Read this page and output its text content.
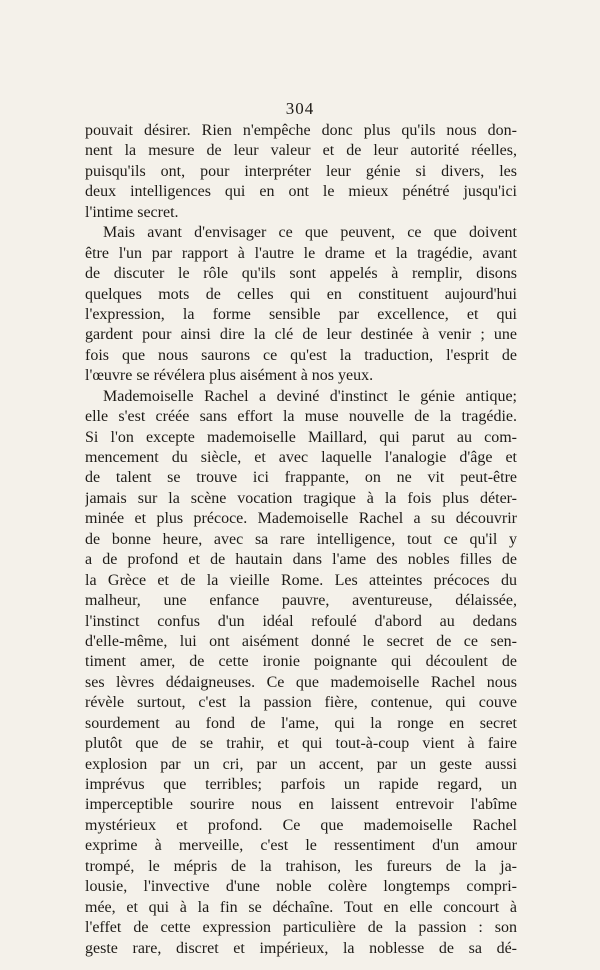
304
pouvait désirer. Rien n'empêche donc plus qu'ils nous don-
nent la mesure de leur valeur et de leur autorité réelles,
puisqu'ils ont, pour interpréter leur génie si divers, les
deux intelligences qui en ont le mieux pénétré jusqu'ici
l'intime secret.
Mais avant d'envisager ce que peuvent, ce que doivent
être l'un par rapport à l'autre le drame et la tragédie, avant
de discuter le rôle qu'ils sont appelés à remplir, disons
quelques mots de celles qui en constituent aujourd'hui
l'expression, la forme sensible par excellence, et qui
gardent pour ainsi dire la clé de leur destinée à venir ; une
fois que nous saurons ce qu'est la traduction, l'esprit de
l'œuvre se révélera plus aisément à nos yeux.
Mademoiselle Rachel a deviné d'instinct le génie antique;
elle s'est créée sans effort la muse nouvelle de la tragédie.
Si l'on excepte mademoiselle Maillard, qui parut au com-
mencement du siècle, et avec laquelle l'analogie d'âge et
de talent se trouve ici frappante, on ne vit peut-être
jamais sur la scène vocation tragique à la fois plus déter-
minée et plus précoce. Mademoiselle Rachel a su découvrir
de bonne heure, avec sa rare intelligence, tout ce qu'il y
a de profond et de hautain dans l'ame des nobles filles de
la Grèce et de la vieille Rome. Les atteintes précoces du
malheur, une enfance pauvre, aventureuse, délaissée,
l'instinct confus d'un idéal refoulé d'abord au dedans
d'elle-même, lui ont aisément donné le secret de ce sen-
timent amer, de cette ironie poignante qui découlent de
ses lèvres dédaigneuses. Ce que mademoiselle Rachel nous
révèle surtout, c'est la passion fière, contenue, qui couve
sourdement au fond de l'ame, qui la ronge en secret
plutôt que de se trahir, et qui tout-à-coup vient à faire
explosion par un cri, par un accent, par un geste aussi
imprévus que terribles; parfois un rapide regard, un
imperceptible sourire nous en laissent entrevoir l'abîme
mystérieux et profond. Ce que mademoiselle Rachel
exprime à merveille, c'est le ressentiment d'un amour
trompé, le mépris de la trahison, les fureurs de la ja-
lousie, l'invective d'une noble colère longtemps compri-
mée, et qui à la fin se déchaîne. Tout en elle concourt à
l'effet de cette expression particulière de la passion : son
geste rare, discret et impérieux, la noblesse de sa dé-
